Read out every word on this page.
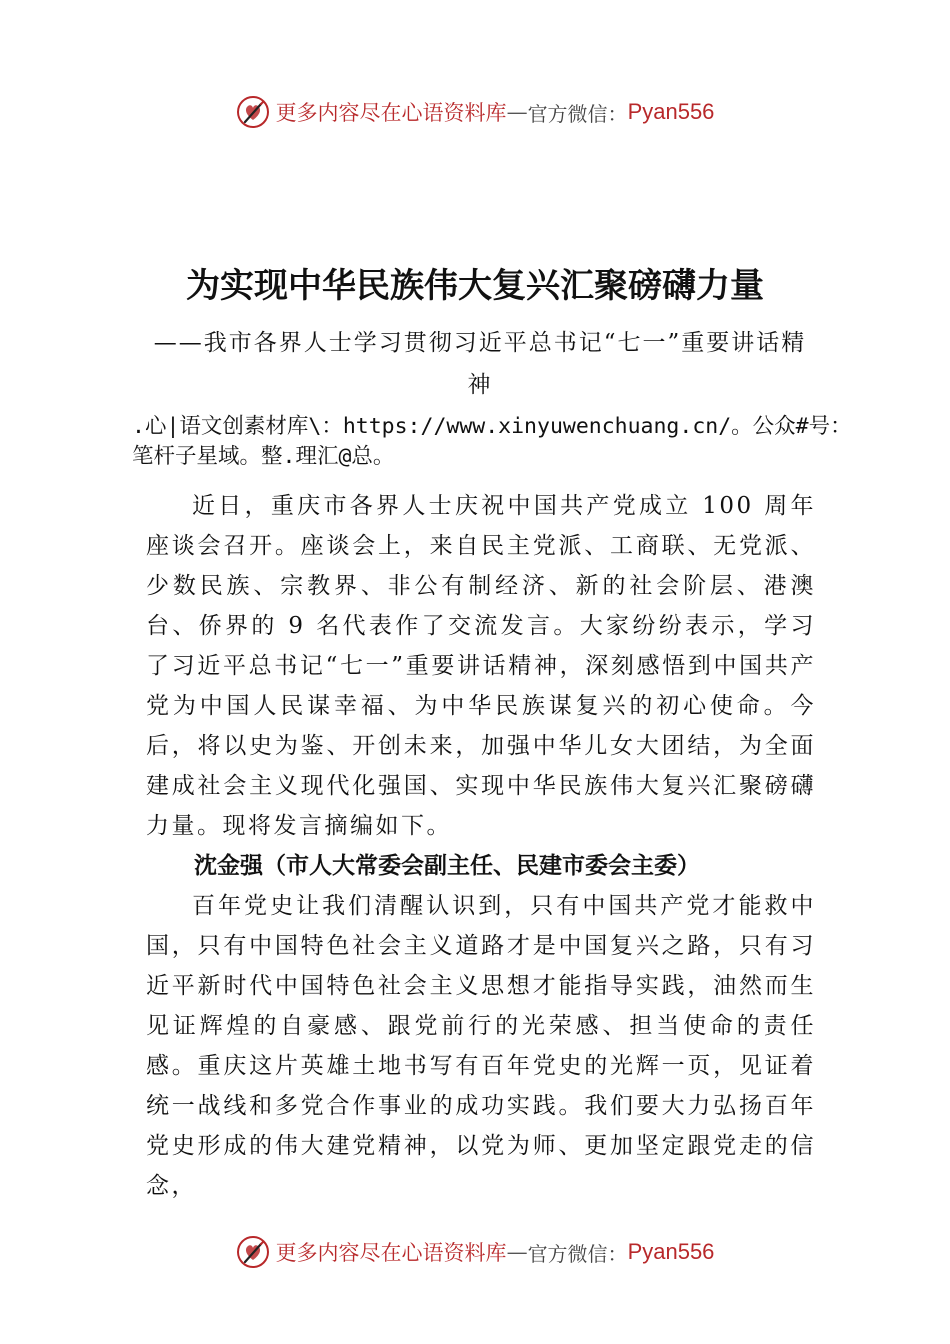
更多内容尽在心语资料库 — 官方微信： Pyan556
为实现中华民族伟大复兴汇聚磅礴力量
——我市各界人士学习贯彻习近平总书记“七一”重要讲话精神
.心|语文创素材库\：https://www.xinyuwenchuang.cn/。公众#号：笔杆子星域。整.理汇@总。

近日，重庆市各界人士庆祝中国共产党成立 100 周年座谈会召开。座谈会上，来自民主党派、工商联、无党派、少数民族、宗教界、非公有制经济、新的社会阶层、港澳台、侨界的 9 名代表作了交流发言。大家纷纷表示，学习了习近平总书记“七一”重要讲话精神，深刻感悟到中国共产党为中国人民谋幸福、为中华民族谋复兴的初心使命。今后，将以史为鉴、开创未来，加强中华儿女大团结，为全面建成社会主义现代化强国、实现中华民族伟大复兴汇聚磅礴力量。现将发言摘编如下。

沈金强（市人大常委会副主任、民建市委会主委）

百年党史让我们清醒认识到，只有中国共产党才能救中国，只有中国特色社会主义道路才是中国复兴之路，只有习近平新时代中国特色社会主义思想才能指导实践，油然而生见证辉煌的自豪感、跟党前行的光荣感、担当使命的责任感。重庆这片英雄土地书写有百年党史的光辉一页，见证着统一战线和多党合作事业的成功实践。我们要大力弘扬百年党史形成的伟大建党精神，以党为师、更加坚定跟党走的信念，

更多内容尽在心语资料库 — 官方微信： Pyan556
